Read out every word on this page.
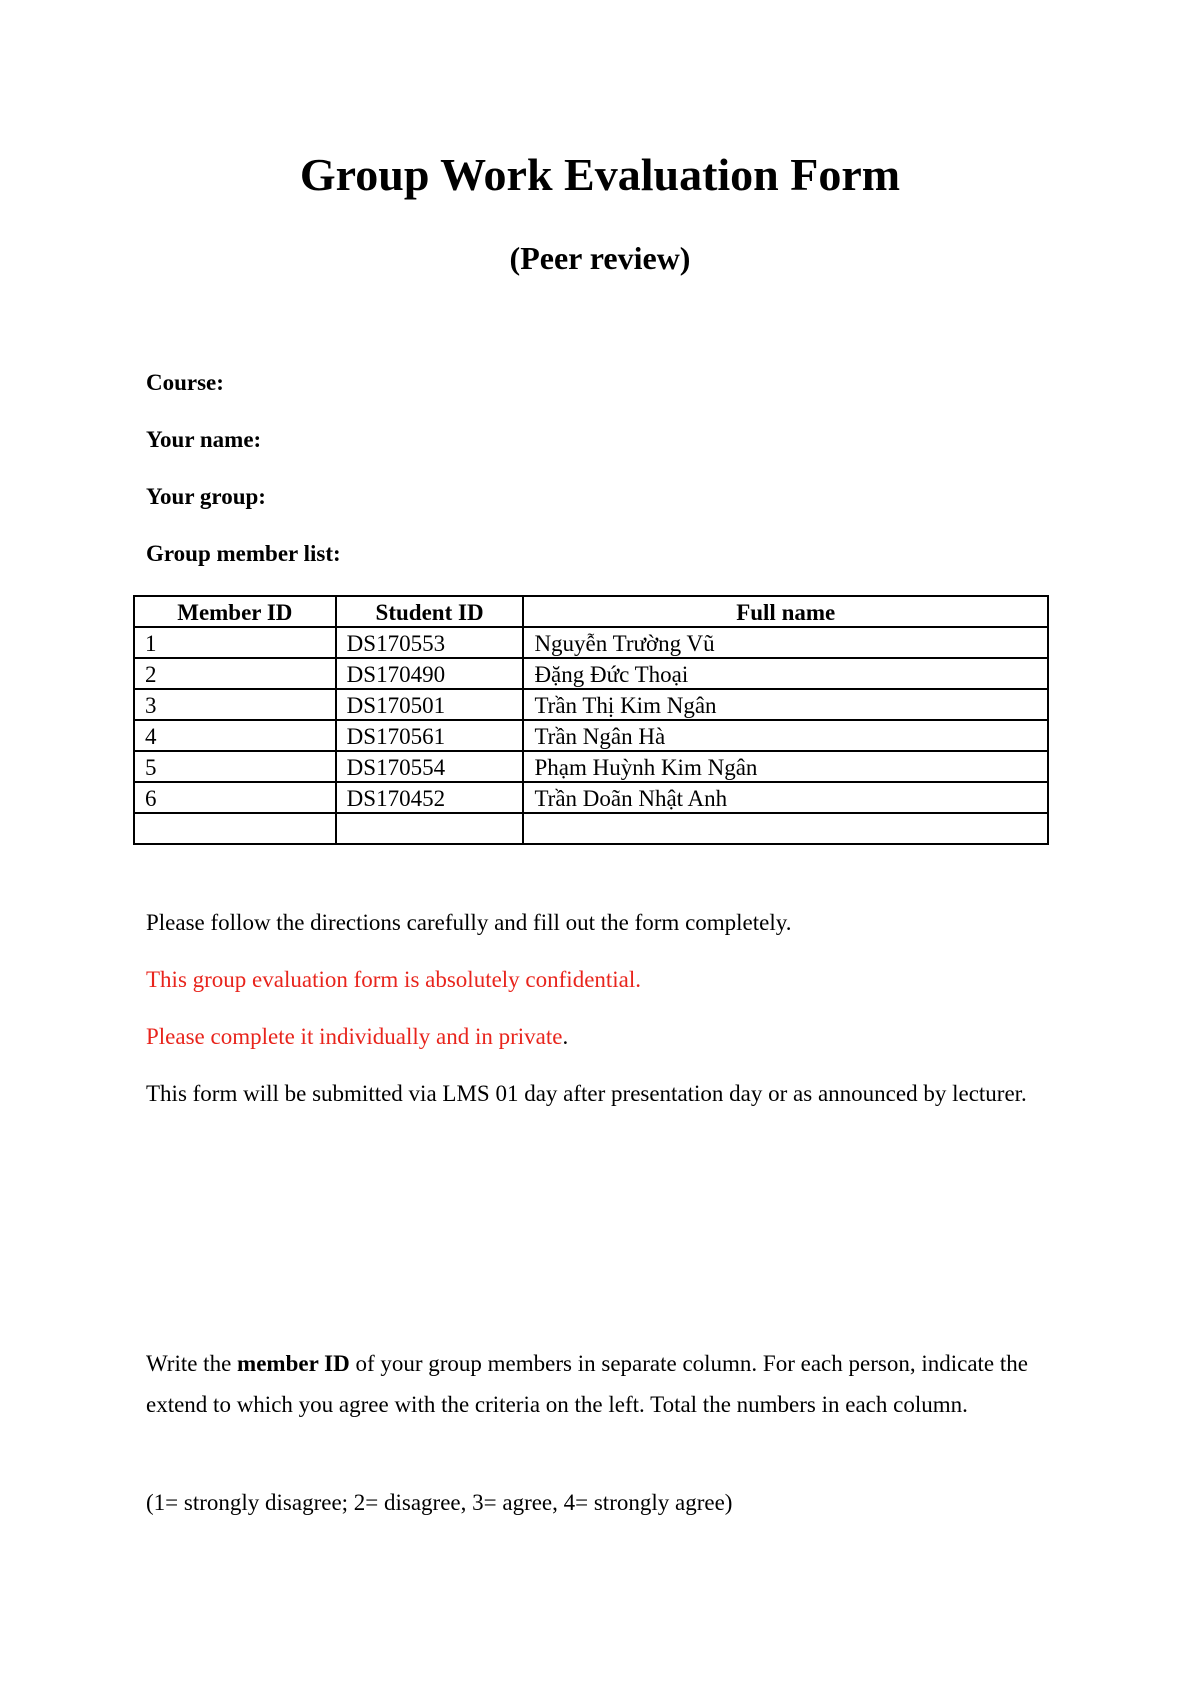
Group Work Evaluation Form
(Peer review)

Course:

Your name:

Your group:

Group member list:

Member ID	Student ID	Full name
1	DS170553	Nguyễn Trường Vũ
2	DS170490	Đặng Đức Thoại
3	DS170501	Trần Thị Kim Ngân
4	DS170561	Trần Ngân Hà
5	DS170554	Phạm Huỳnh Kim Ngân
6	DS170452	Trần Doãn Nhật Anh

Please follow the directions carefully and fill out the form completely.

This group evaluation form is absolutely confidential.

Please complete it individually and in private.

This form will be submitted via LMS 01 day after presentation day or as announced by lecturer.

Write the member ID of your group members in separate column. For each person, indicate the extend to which you agree with the criteria on the left. Total the numbers in each column.

(1= strongly disagree; 2= disagree, 3= agree, 4= strongly agree)
